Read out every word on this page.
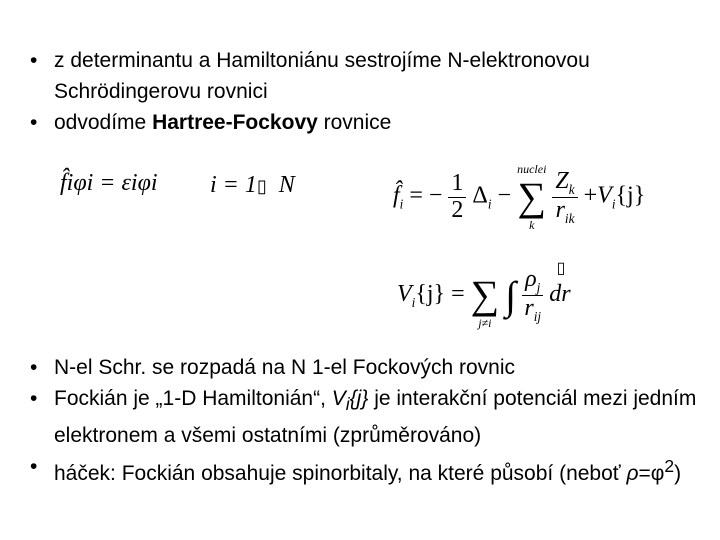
• z determinantu a Hamiltoniánu sestrojíme N-elektronovou Schrödingerovu rovnici
• odvodíme Hartree-Fockovy rovnice
f̂iφi = εiφi i = 1▯ N	$f̂_i$ = − $\frac{1}{2} \Delta_i$ −
nuclei
∑
k
$\frac{Z_k}{r_{ik}} +V_i\{j\}$
$V_i\{j\}$ =
∑
j≠i
∫ $\frac{\rho_j}{r_{ij}}$ dr ▯
• N-el Schr. se rozpadá na N 1-el Fockových rovnic
• Fockián je „1-D Hamiltonián“, $V_i\{j\}$ je interakční potenciál mezi jedním elektronem a všemi ostatními (zprůměrováno)
• háček: Fockián obsahuje spinorbitaly, na které působí (neboť $\rho=\varphi^2$)
